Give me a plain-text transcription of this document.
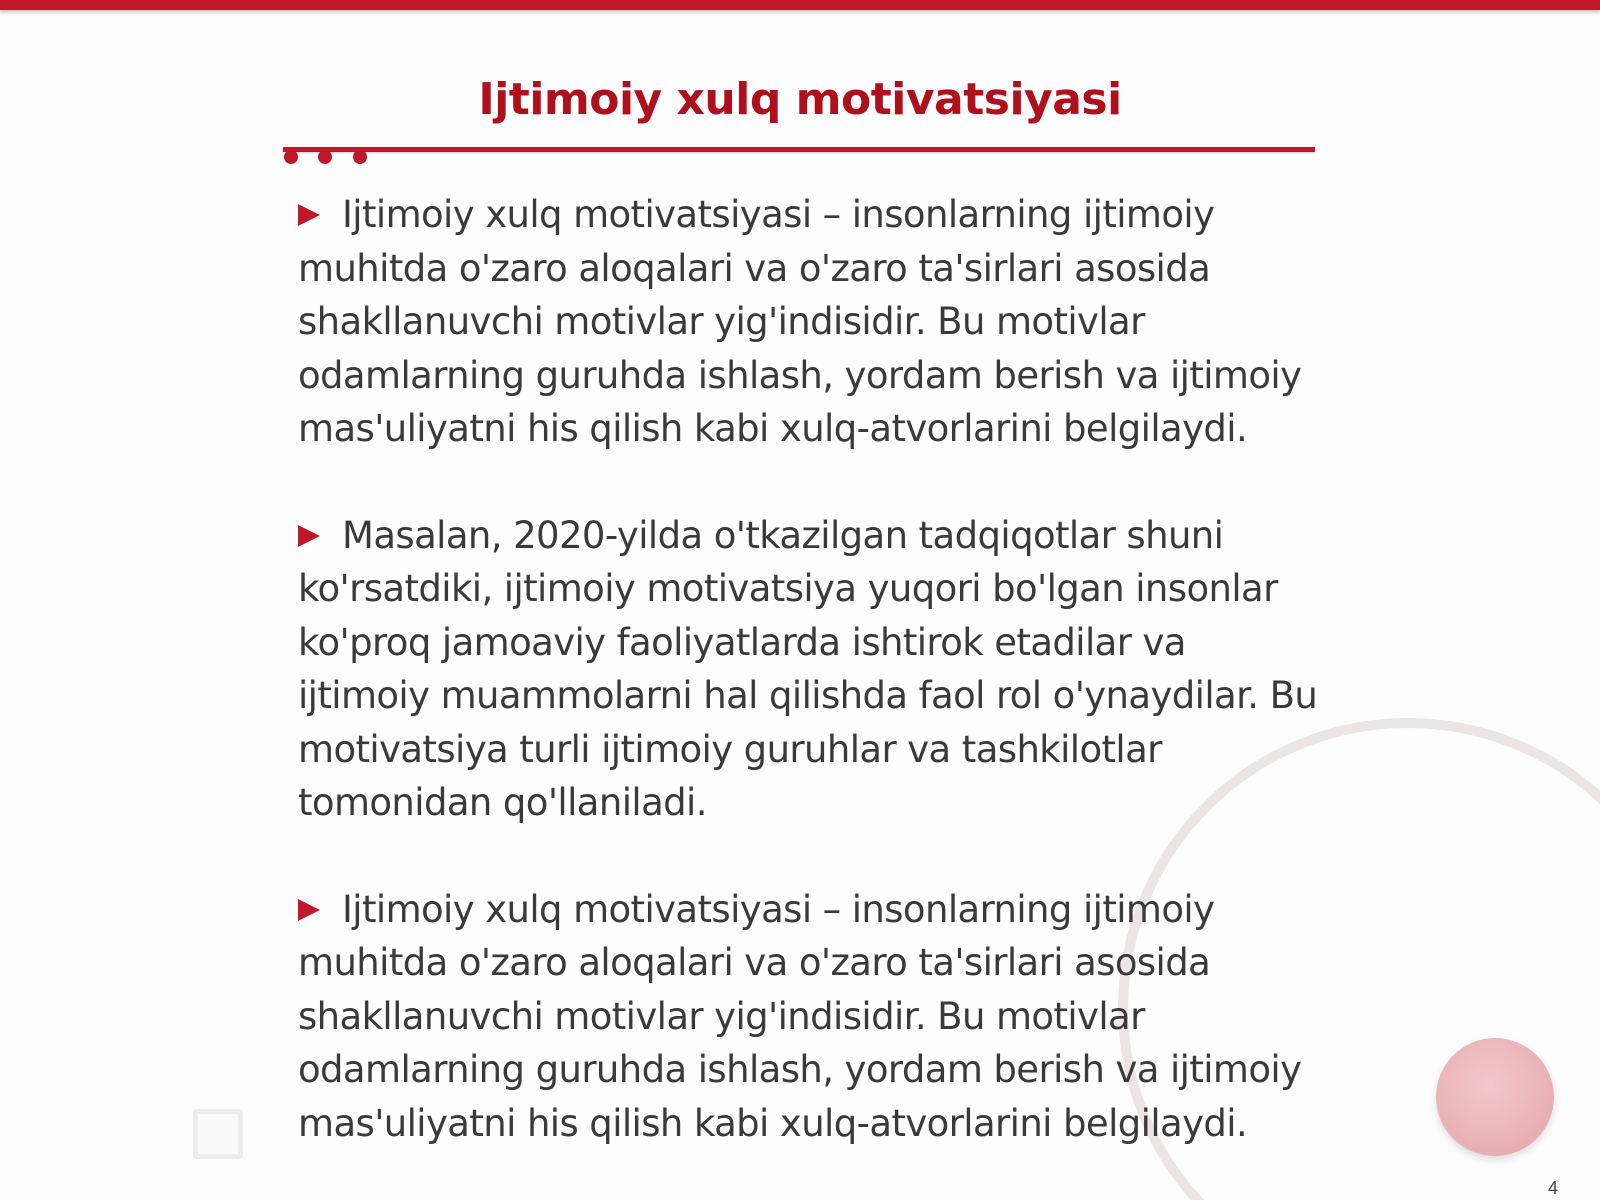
Ijtimoiy xulq motivatsiyasi

Ijtimoiy xulq motivatsiyasi – insonlarning ijtimoiy muhitda o'zaro aloqalari va o'zaro ta'sirlari asosida shakllanuvchi motivlar yig'indisidir. Bu motivlar odamlarning guruhda ishlash, yordam berish va ijtimoiy mas'uliyatni his qilish kabi xulq-atvorlarini belgilaydi.

Masalan, 2020-yilda o'tkazilgan tadqiqotlar shuni ko'rsatdiki, ijtimoiy motivatsiya yuqori bo'lgan insonlar ko'proq jamoaviy faoliyatlarda ishtirok etadilar va ijtimoiy muammolarni hal qilishda faol rol o'ynaydilar. Bu motivatsiya turli ijtimoiy guruhlar va tashkilotlar tomonidan qo'llaniladi.

Ijtimoiy xulq motivatsiyasi – insonlarning ijtimoiy muhitda o'zaro aloqalari va o'zaro ta'sirlari asosida shakllanuvchi motivlar yig'indisidir. Bu motivlar odamlarning guruhda ishlash, yordam berish va ijtimoiy mas'uliyatni his qilish kabi xulq-atvorlarini belgilaydi.

4
